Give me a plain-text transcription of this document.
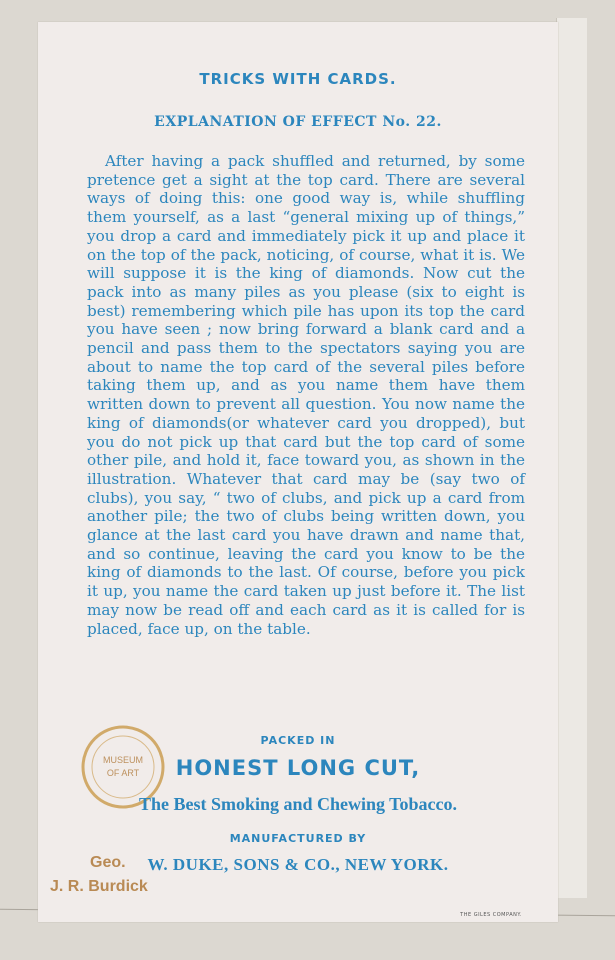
TRICKS WITH CARDS.
EXPLANATION OF EFFECT No. 22.

After having a pack shuffled and returned, by some pretence get a sight at the top card. There are several ways of doing this: one good way is, while shuffling them yourself, as a last “general mixing up of things,” you drop a card and immediately pick it up and place it on the top of the pack, noticing, of course, what it is. We will suppose it is the king of diamonds. Now cut the pack into as many piles as you please (six to eight is best) remembering which pile has upon its top the card you have seen ; now bring forward a blank card and a pencil and pass them to the spectators saying you are about to name the top card of the several piles before taking them up, and as you name them have them written down to prevent all question. You now name the king of diamonds(or whatever card you dropped), but you do not pick up that card but the top card of some other pile, and hold it, face toward you, as shown in the illustration. Whatever that card may be (say two of clubs), you say, “ two of clubs, and pick up a card from another pile; the two of clubs being written down, you glance at the last card you have drawn and name that, and so continue, leaving the card you know to be the king of diamonds to the last. Of course, before you pick it up, you name the card taken up just before it. The list may now be read off and each card as it is called for is placed, face up, on the table.

MUSEUM
OF ART
PACKED IN
HONEST LONG CUT,
The Best Smoking and Chewing Tobacco.
MANUFACTURED BY
W. DUKE, SONS & CO., NEW YORK.
THE GILES COMPANY.
Geo.
J. R. Burdick
